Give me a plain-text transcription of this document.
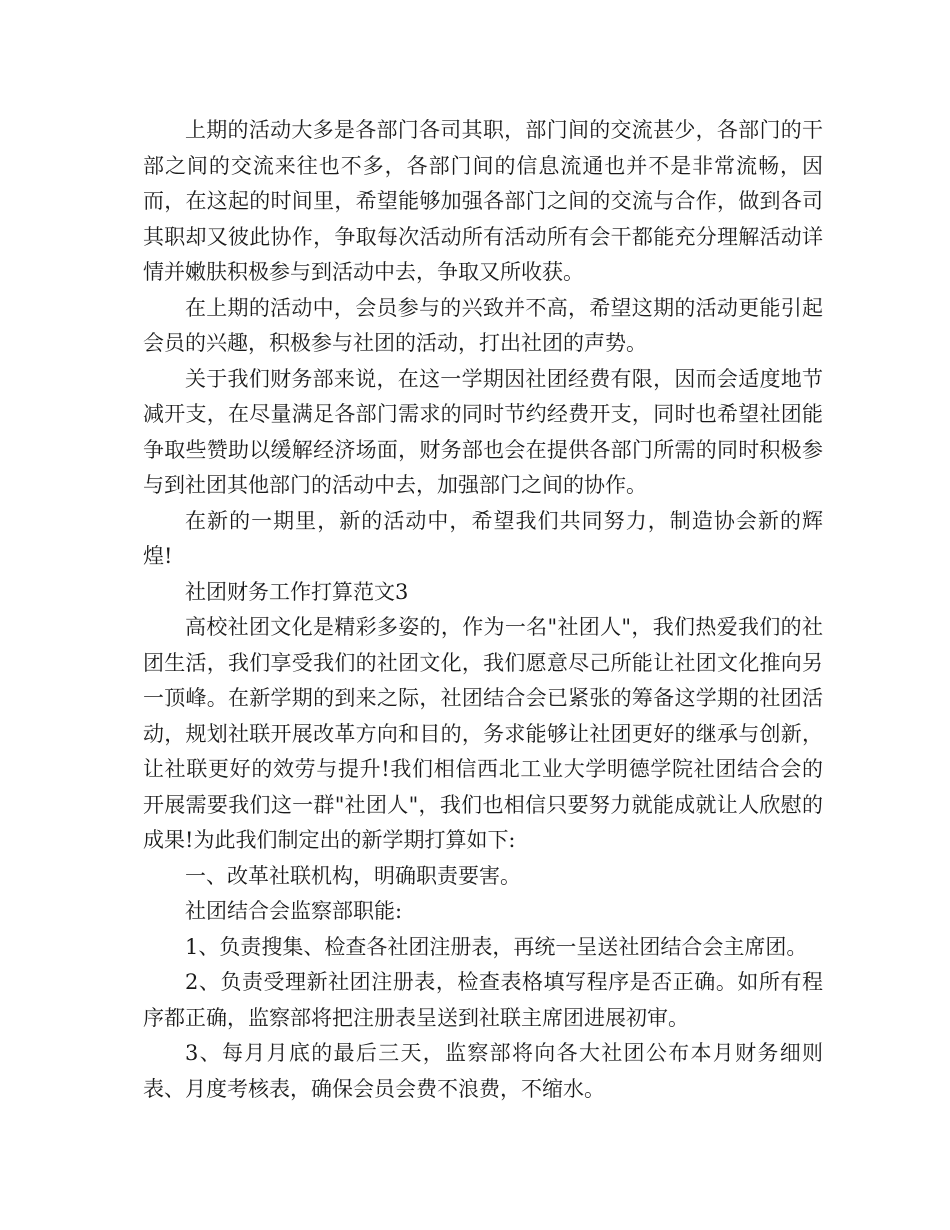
上期的活动大多是各部门各司其职，部门间的交流甚少，各部门的干部之间的交流来往也不多，各部门间的信息流通也并不是非常流畅，因而，在这起的时间里，希望能够加强各部门之间的交流与合作，做到各司其职却又彼此协作，争取每次活动所有活动所有会干都能充分理解活动详情并嫩肤积极参与到活动中去，争取又所收获。

在上期的活动中，会员参与的兴致并不高，希望这期的活动更能引起会员的兴趣，积极参与社团的活动，打出社团的声势。

关于我们财务部来说，在这一学期因社团经费有限，因而会适度地节减开支，在尽量满足各部门需求的同时节约经费开支，同时也希望社团能争取些赞助以缓解经济场面，财务部也会在提供各部门所需的同时积极参与到社团其他部门的活动中去，加强部门之间的协作。

在新的一期里，新的活动中，希望我们共同努力，制造协会新的辉煌!

社团财务工作打算范文3

高校社团文化是精彩多姿的，作为一名"社团人"，我们热爱我们的社团生活，我们享受我们的社团文化，我们愿意尽己所能让社团文化推向另一顶峰。在新学期的到来之际，社团结合会已紧张的筹备这学期的社团活动，规划社联开展改革方向和目的，务求能够让社团更好的继承与创新，让社联更好的效劳与提升!我们相信西北工业大学明德学院社团结合会的开展需要我们这一群"社团人"，我们也相信只要努力就能成就让人欣慰的成果!为此我们制定出的新学期打算如下:

一、改革社联机构，明确职责要害。

社团结合会监察部职能:

1、负责搜集、检查各社团注册表，再统一呈送社团结合会主席团。

2、负责受理新社团注册表，检查表格填写程序是否正确。如所有程序都正确，监察部将把注册表呈送到社联主席团进展初审。

3、每月月底的最后三天，监察部将向各大社团公布本月财务细则表、月度考核表，确保会员会费不浪费，不缩水。
